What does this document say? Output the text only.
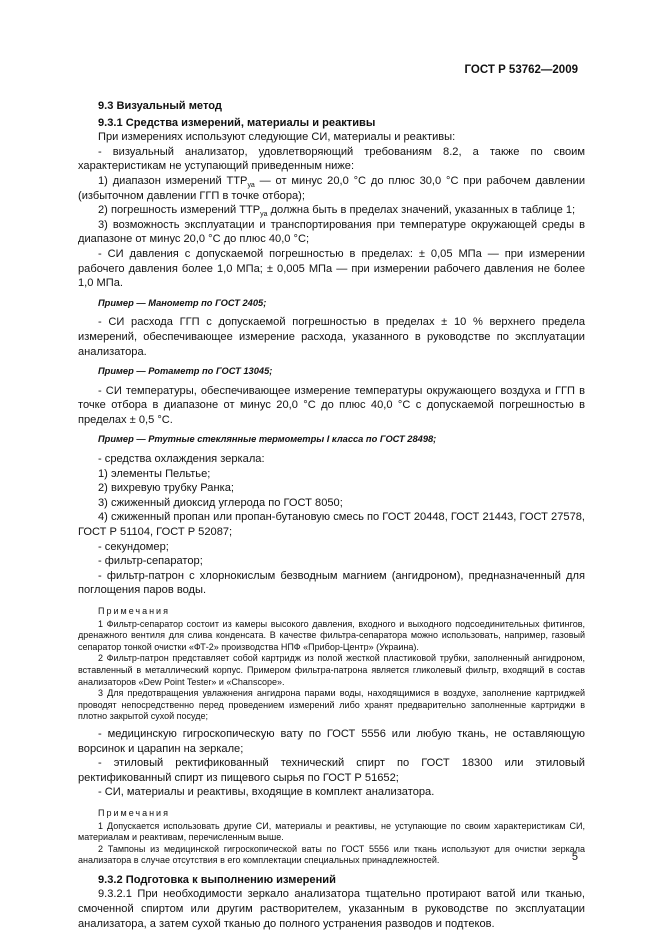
ГОСТ Р 53762—2009

9.3 Визуальный метод

9.3.1 Средства измерений, материалы и реактивы

При измерениях используют следующие СИ, материалы и реактивы:

- визуальный анализатор, удовлетворяющий требованиям 8.2, а также по своим характеристикам не уступающий приведенным ниже:

1) диапазон измерений $ТТР_{уа}$ — от минус 20,0 °С до плюс 30,0 °С при рабочем давлении (избыточном давлении ГГП в точке отбора);

2) погрешность измерений $ТТР_{уа}$ должна быть в пределах значений, указанных в таблице 1;

3) возможность эксплуатации и транспортирования при температуре окружающей среды в диапазоне от минус 20,0 °С до плюс 40,0 °С;

- СИ давления с допускаемой погрешностью в пределах: ± 0,05 МПа — при измерении рабочего давления более 1,0 МПа; ± 0,005 МПа — при измерении рабочего давления не более 1,0 МПа.

Пример — Манометр по ГОСТ 2405;

- СИ расхода ГГП с допускаемой погрешностью в пределах ± 10 % верхнего предела измерений, обеспечивающее измерение расхода, указанного в руководстве по эксплуатации анализатора.

Пример — Ротаметр по ГОСТ 13045;

- СИ температуры, обеспечивающее измерение температуры окружающего воздуха и ГГП в точке отбора в диапазоне от минус 20,0 °С до плюс 40,0 °С с допускаемой погрешностью в пределах ± 0,5 °С.

Пример — Ртутные стеклянные термометры I класса по ГОСТ 28498;

- средства охлаждения зеркала:

1) элементы Пельтье;

2) вихревую трубку Ранка;

3) сжиженный диоксид углерода по ГОСТ 8050;

4) сжиженный пропан или пропан-бутановую смесь по ГОСТ 20448, ГОСТ 21443, ГОСТ 27578, ГОСТ Р 51104, ГОСТ Р 52087;

- секундомер;

- фильтр-сепаратор;

- фильтр-патрон с хлорнокислым безводным магнием (ангидроном), предназначенный для поглощения паров воды.

Примечания

1 Фильтр-сепаратор состоит из камеры высокого давления, входного и выходного подсоединительных фитингов, дренажного вентиля для слива конденсата. В качестве фильтра-сепаратора можно использовать, например, газовый сепаратор тонкой очистки «ФТ-2» производства НПФ «Прибор-Центр» (Украина).

2 Фильтр-патрон представляет собой картридж из полой жесткой пластиковой трубки, заполненный ангидроном, вставленный в металлический корпус. Примером фильтра-патрона является гликолевый фильтр, входящий в состав анализаторов «Dew Point Tester» и «Chanscope».

3 Для предотвращения увлажнения ангидрона парами воды, находящимися в воздухе, заполнение картриджей проводят непосредственно перед проведением измерений либо хранят предварительно заполненные картриджи в плотно закрытой сухой посуде;

- медицинскую гигроскопическую вату по ГОСТ 5556 или любую ткань, не оставляющую ворсинок и царапин на зеркале;

- этиловый ректификованный технический спирт по ГОСТ 18300 или этиловый ректификованный спирт из пищевого сырья по ГОСТ Р 51652;

- СИ, материалы и реактивы, входящие в комплект анализатора.

Примечания

1 Допускается использовать другие СИ, материалы и реактивы, не уступающие по своим характеристикам СИ, материалам и реактивам, перечисленным выше.

2 Тампоны из медицинской гигроскопической ваты по ГОСТ 5556 или ткань используют для очистки зеркала анализатора в случае отсутствия в его комплектации специальных принадлежностей.

9.3.2 Подготовка к выполнению измерений

9.3.2.1 При необходимости зеркало анализатора тщательно протирают ватой или тканью, смоченной спиртом или другим растворителем, указанным в руководстве по эксплуатации анализатора, а затем сухой тканью до полного устранения разводов и подтеков.

5
